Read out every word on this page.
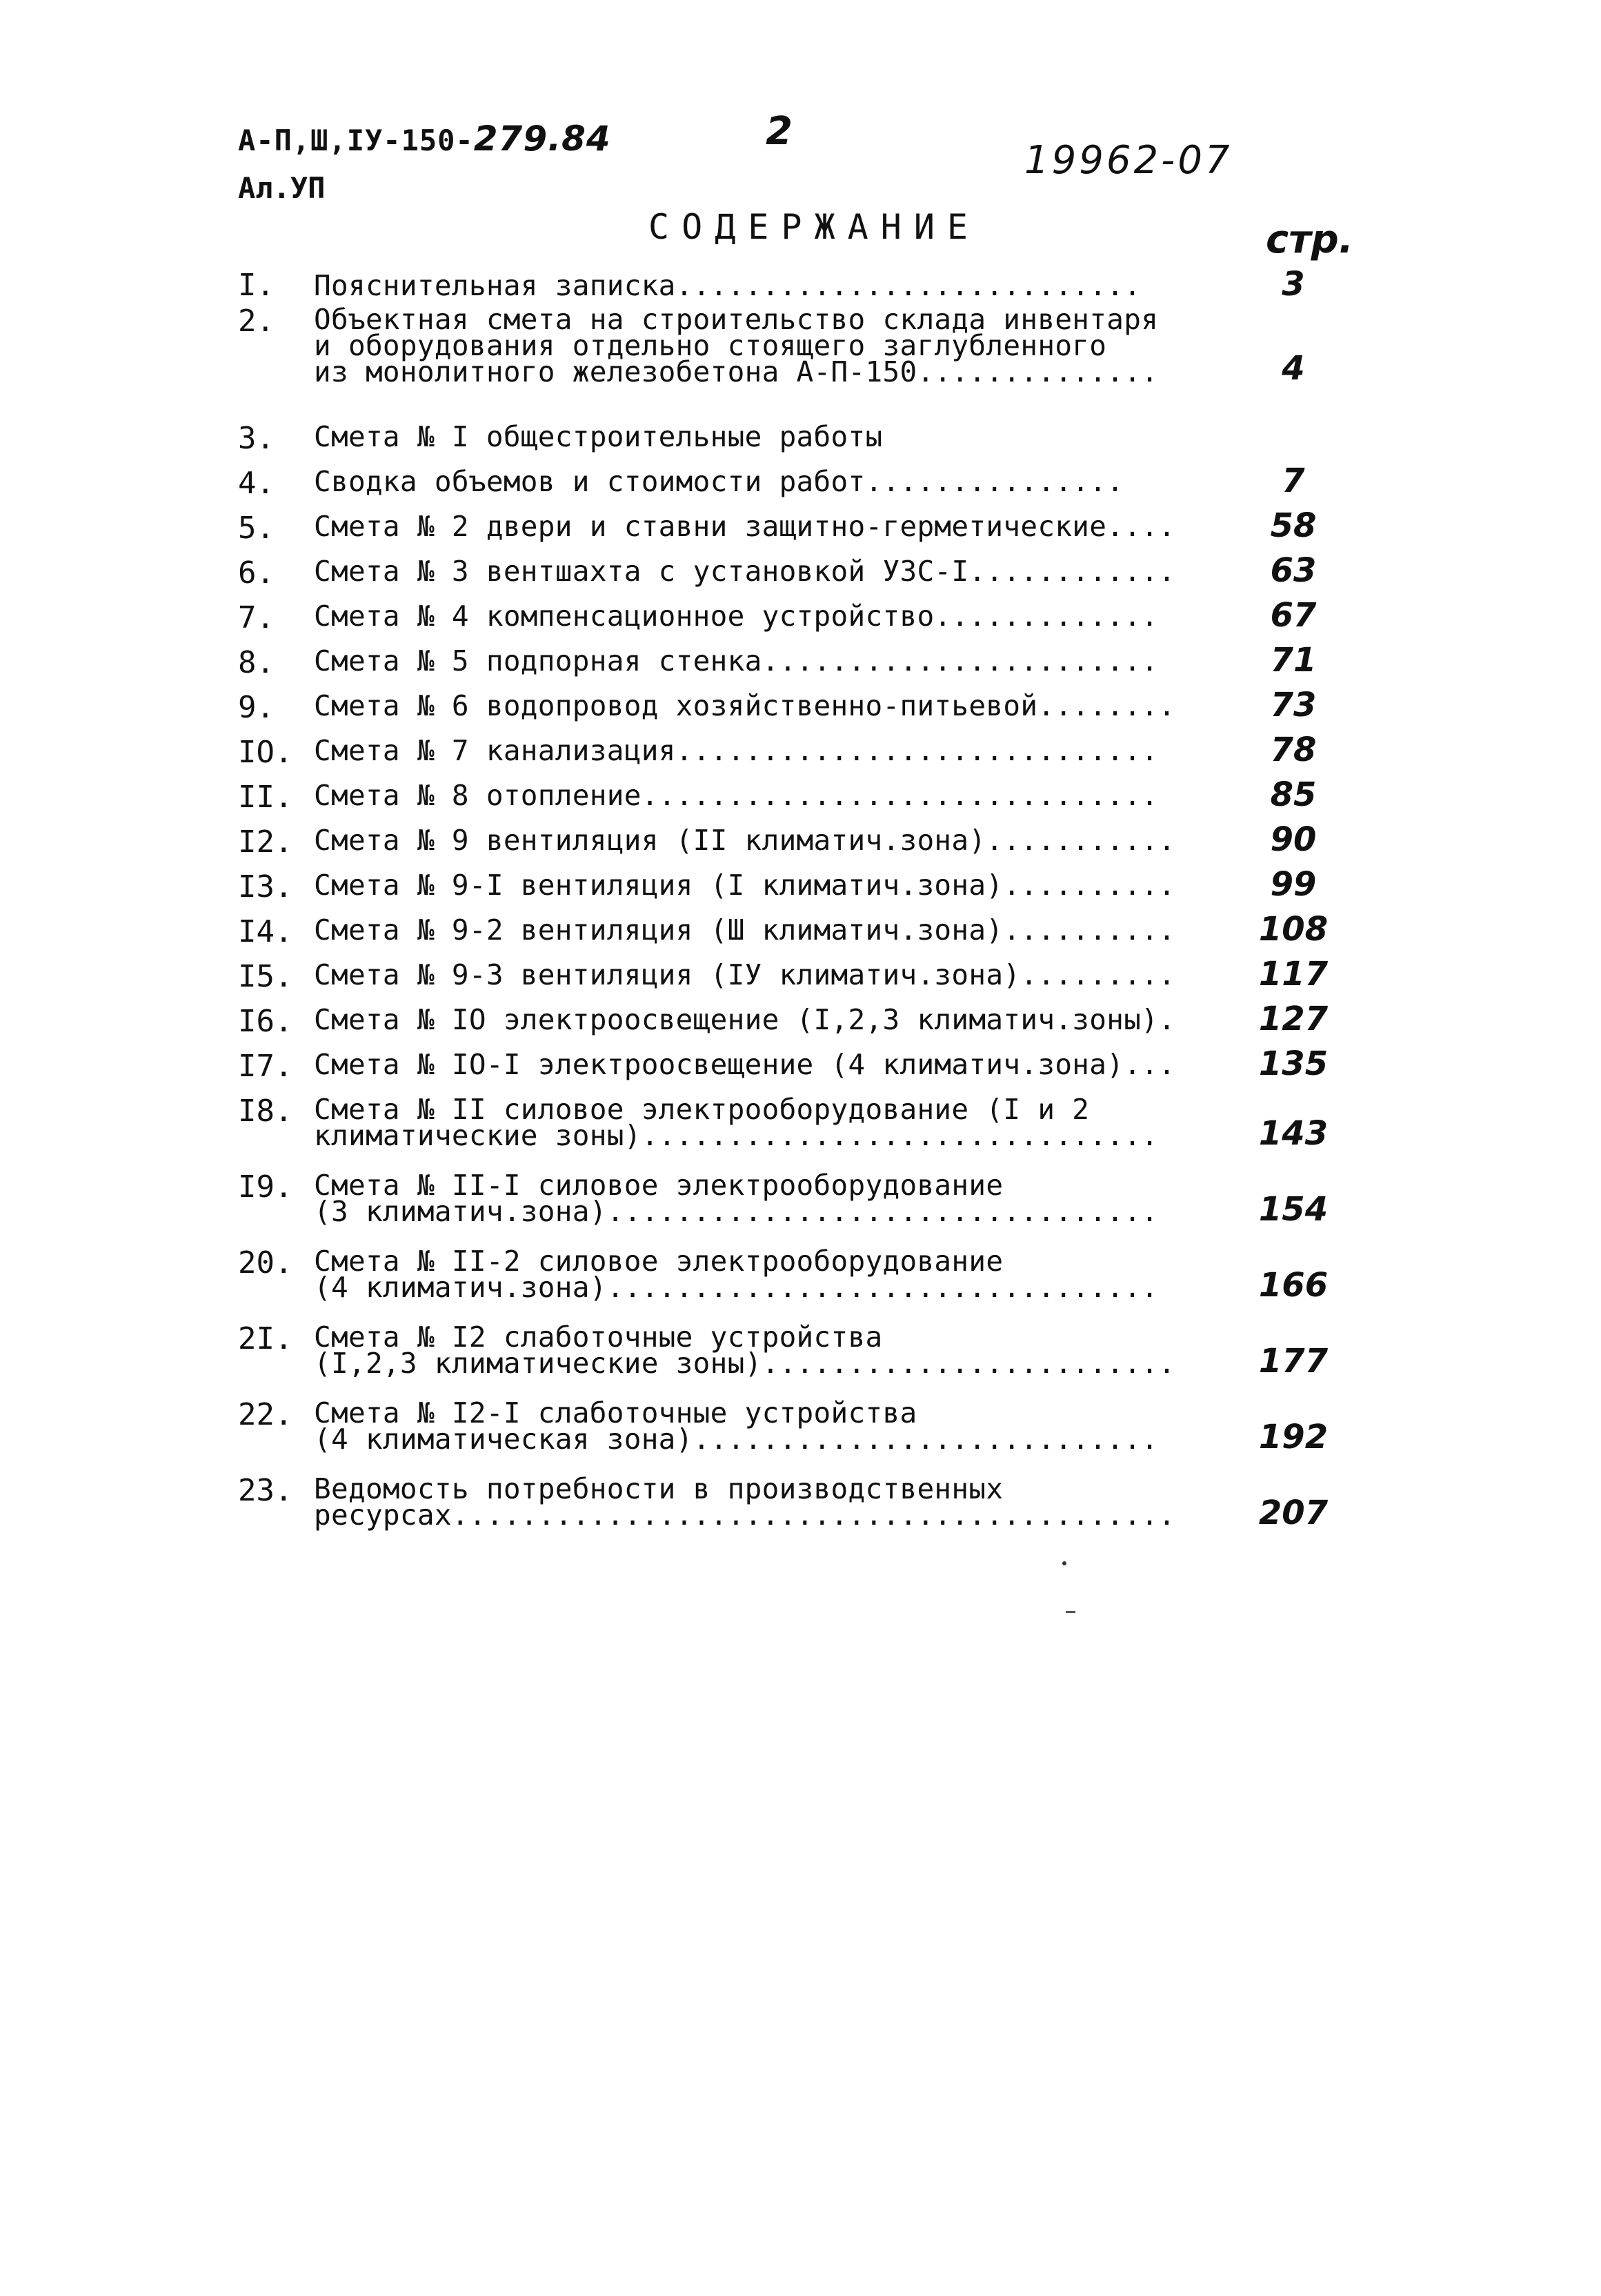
А-П,Ш,ІУ-150-279.84
Ал.УП
2
19962-07
СОДЕРЖАНИЕ	стр.
I.	Пояснительная записка...........................	3
2.	Объектная смета на строительство склада инвентаря
и оборудования отдельно стоящего заглубленного
из монолитного железобетона А-П-150..............	4
3.	Смета № I общестроительные работы
4.	Сводка объемов и стоимости работ...............	7
5.	Смета № 2 двери и ставни защитно-герметические....	58
6.	Смета № 3 вентшахта с установкой УЗС-I............	63
7.	Смета № 4 компенсационное устройство.............	67
8.	Смета № 5 подпорная стенка.......................	71
9.	Смета № 6 водопровод хозяйственно-питьевой........	73
IO. Смета № 7 канализация............................	78
II. Смета № 8 отопление..............................	85
I2. Смета № 9 вентиляция (II климатич.зона)...........	90
I3. Смета № 9-I вентиляция (I климатич.зона)..........	99
I4. Смета № 9-2 вентиляция (Ш климатич.зона)..........	108
I5. Смета № 9-3 вентиляция (ІУ климатич.зона).........	117
I6. Смета № IO электроосвещение (I,2,3 климатич.зоны).	127
I7. Смета № IO-I электроосвещение (4 климатич.зона)...	135
I8. Смета № II силовое электрооборудование (I и 2
климатические зоны)..............................	143
I9. Смета № II-I силовое электрооборудование
(3 климатич.зона)................................	154
20. Смета № II-2 силовое электрооборудование
(4 климатич.зона)................................	166
2I. Смета № I2 слаботочные устройства
(I,2,3 климатические зоны)........................	177
22. Смета № I2-I слаботочные устройства
(4 климатическая зона)...........................	192
23. Ведомость потребности в производственных
ресурсах..........................................	207
